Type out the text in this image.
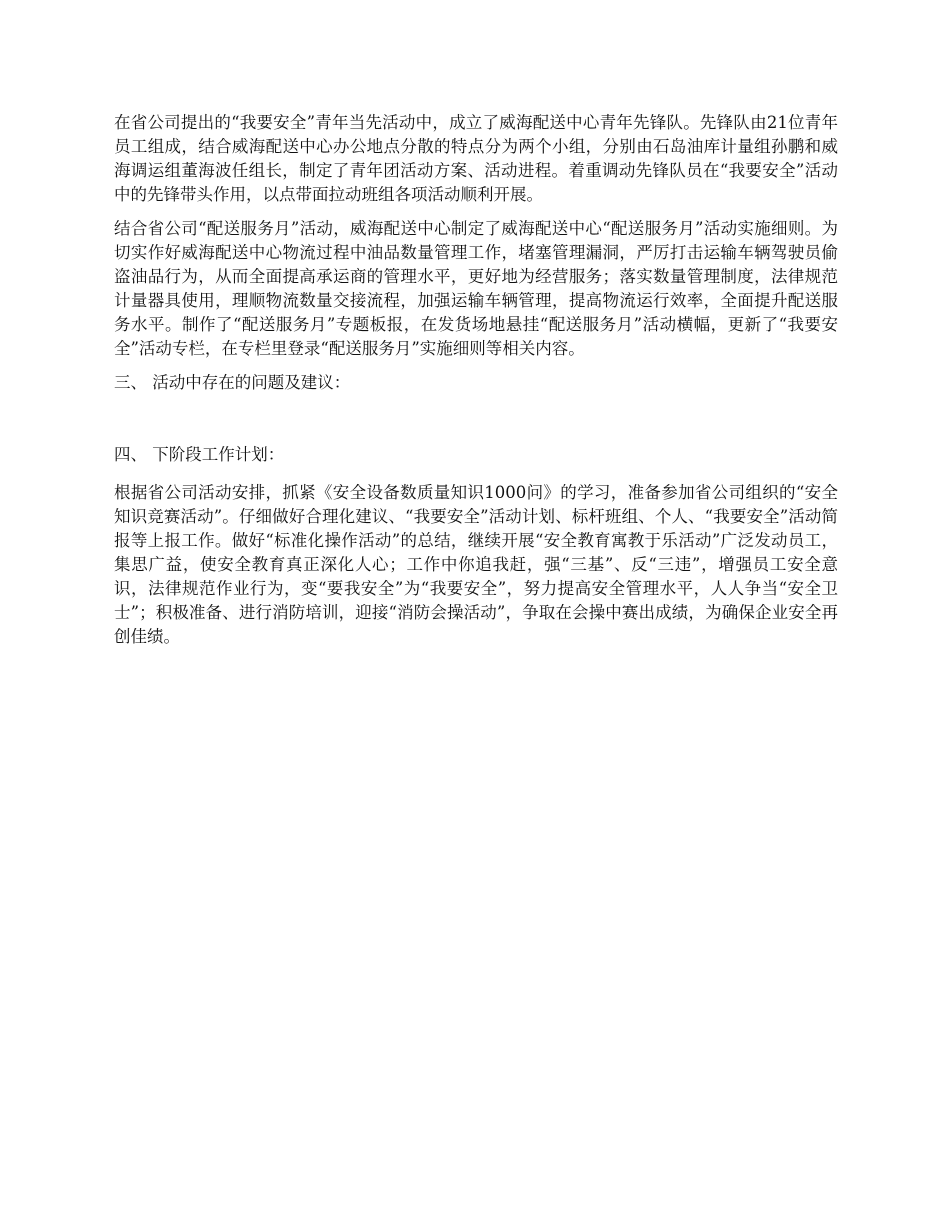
在省公司提出的“我要安全”青年当先活动中，成立了威海配送中心青年先锋队。先锋队由21位青年员工组成，结合威海配送中心办公地点分散的特点分为两个小组，分别由石岛油库计量组孙鹏和威海调运组董海波任组长，制定了青年团活动方案、活动进程。着重调动先锋队员在“我要安全”活动中的先锋带头作用，以点带面拉动班组各项活动顺利开展。

结合省公司“配送服务月”活动，威海配送中心制定了威海配送中心“配送服务月”活动实施细则。为切实作好威海配送中心物流过程中油品数量管理工作，堵塞管理漏洞，严厉打击运输车辆驾驶员偷盗油品行为，从而全面提高承运商的管理水平，更好地为经营服务；落实数量管理制度，法律规范计量器具使用，理顺物流数量交接流程，加强运输车辆管理，提高物流运行效率，全面提升配送服务水平。制作了“配送服务月”专题板报，在发货场地悬挂“配送服务月”活动横幅，更新了“我要安全”活动专栏，在专栏里登录“配送服务月”实施细则等相关内容。

三、 活动中存在的问题及建议：

四、 下阶段工作计划：

根据省公司活动安排，抓紧《安全设备数质量知识1000问》的学习，准备参加省公司组织的“安全知识竞赛活动”。仔细做好合理化建议、“我要安全”活动计划、标杆班组、个人、“我要安全”活动简报等上报工作。做好“标准化操作活动”的总结，继续开展“安全教育寓教于乐活动”广泛发动员工，集思广益，使安全教育真正深化人心；工作中你追我赶，强“三基”、反“三违”，增强员工安全意识，法律规范作业行为，变“要我安全”为“我要安全”，努力提高安全管理水平，人人争当“安全卫士”；积极准备、进行消防培训，迎接“消防会操活动”，争取在会操中赛出成绩，为确保企业安全再创佳绩。
